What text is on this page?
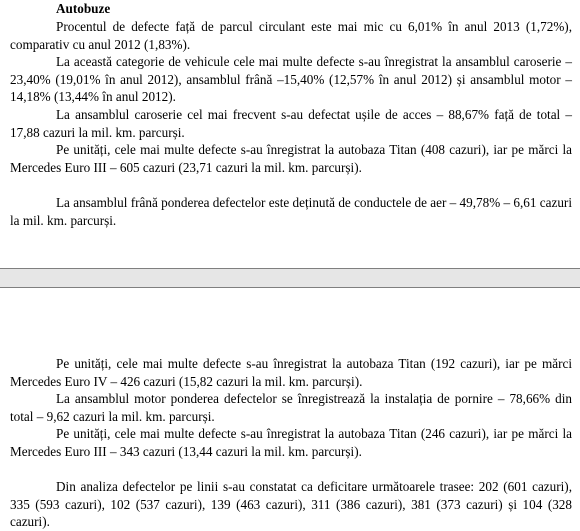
Autobuze

Procentul de defecte față de parcul circulant este mai mic cu 6,01% în anul 2013 (1,72%), comparativ cu anul 2012 (1,83%).

La această categorie de vehicule cele mai multe defecte s-au înregistrat la ansamblul caroserie – 23,40% (19,01% în anul 2012), ansamblul frână –15,40% (12,57% în anul 2012) și ansamblul motor – 14,18% (13,44% în anul 2012).

La ansamblul caroserie cel mai frecvent s-au defectat ușile de acces – 88,67% față de total – 17,88 cazuri la mil. km. parcurși.

Pe unități, cele mai multe defecte s-au înregistrat la autobaza Titan (408 cazuri), iar pe mărci la Mercedes Euro III – 605 cazuri (23,71 cazuri la mil. km. parcurși).

La ansamblul frână ponderea defectelor este deținută de conductele de aer – 49,78% – 6,61 cazuri la mil. km. parcurși.

Pe unități, cele mai multe defecte s-au înregistrat la autobaza Titan (192 cazuri), iar pe mărci Mercedes Euro IV – 426 cazuri (15,82 cazuri la mil. km. parcurși).

La ansamblul motor ponderea defectelor se înregistrează la instalația de pornire – 78,66% din total – 9,62 cazuri la mil. km. parcurși.

Pe unități, cele mai multe defecte s-au înregistrat la autobaza Titan (246 cazuri), iar pe mărci la Mercedes Euro III – 343 cazuri (13,44 cazuri la mil. km. parcurși).

Din analiza defectelor pe linii s-au constatat ca deficitare următoarele trasee: 202 (601 cazuri), 335 (593 cazuri), 102 (537 cazuri), 139 (463 cazuri), 311 (386 cazuri), 381 (373 cazuri) și 104 (328 cazuri).
